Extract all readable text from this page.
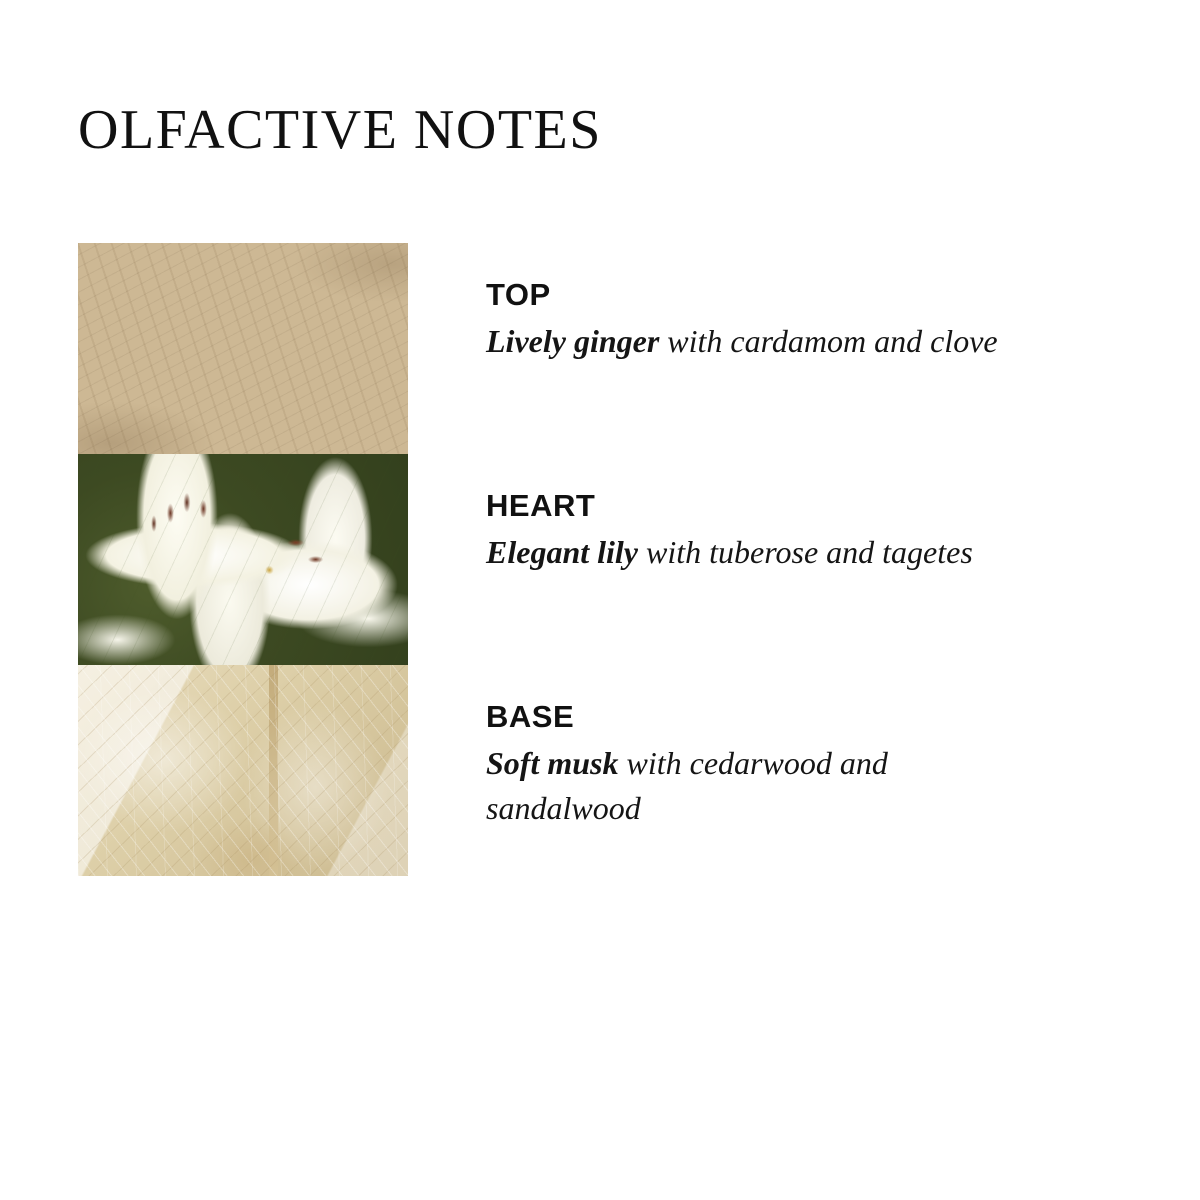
OLFACTIVE NOTES
TOP
Lively ginger with cardamom and clove
HEART
Elegant lily with tuberose and tagetes
BASE
Soft musk with cedarwood and sandalwood
